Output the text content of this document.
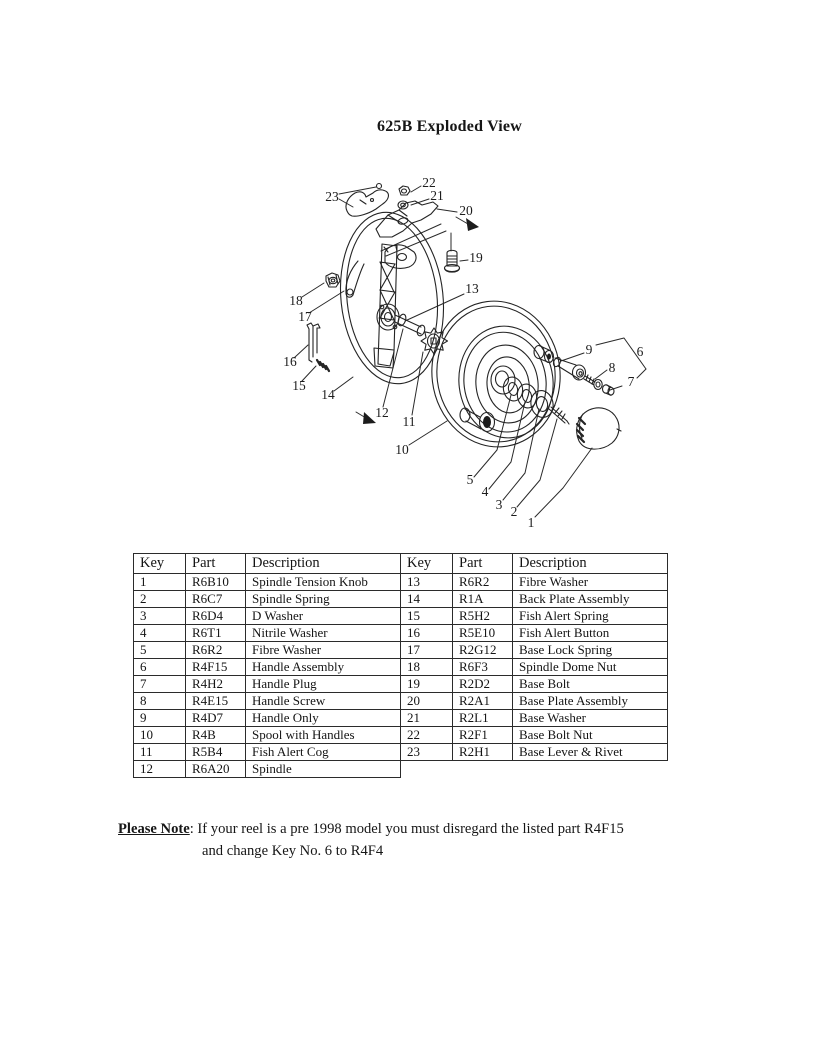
625B Exploded View
1
2
3
4
5
6
7
8
9
10
11
12
13
14
15
16
17
18
19
20
21
22
23
Key	Part	Description	Key	Part	Description
1	R6B10	Spindle Tension Knob	13	R6R2	Fibre Washer
2	R6C7	Spindle Spring	14	R1A	Back Plate Assembly
3	R6D4	D Washer	15	R5H2	Fish Alert Spring
4	R6T1	Nitrile Washer	16	R5E10	Fish Alert Button
5	R6R2	Fibre Washer	17	R2G12	Base Lock Spring
6	R4F15	Handle Assembly	18	R6F3	Spindle Dome Nut
7	R4H2	Handle Plug	19	R2D2	Base Bolt
8	R4E15	Handle Screw	20	R2A1	Base Plate Assembly
9	R4D7	Handle Only	21	R2L1	Base Washer
10	R4B	Spool with Handles	22	R2F1	Base Bolt Nut
11	R5B4	Fish Alert Cog	23	R2H1	Base Lever & Rivet
12	R6A20	Spindle			
Please Note: If your reel is a pre 1998 model you must disregard the listed part R4F15
and change Key No. 6 to R4F4
